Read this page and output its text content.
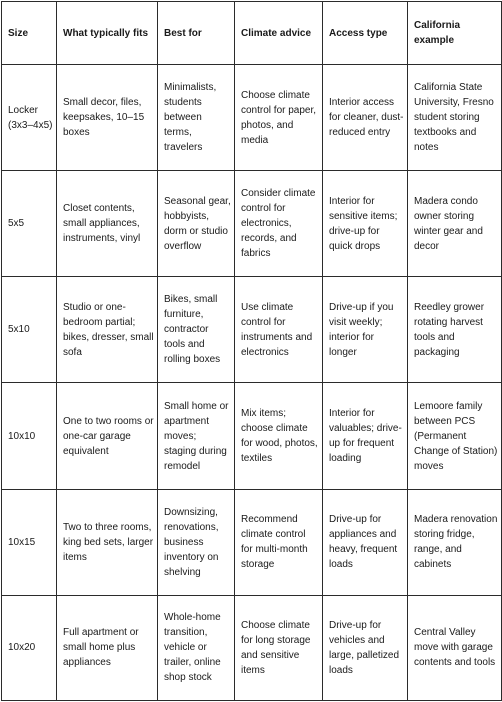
Size	What typically fits	Best for	Climate advice	Access type	California example
Locker (3x3–4x5)	Small decor, files, keepsakes, 10–15 boxes	Minimalists, students between terms, travelers	Choose climate control for paper, photos, and media	Interior access for cleaner, dust-reduced entry	California State University, Fresno student storing textbooks and notes
5x5	Closet contents, small appliances, instruments, vinyl	Seasonal gear, hobbyists, dorm or studio overflow	Consider climate control for electronics, records, and fabrics	Interior for sensitive items; drive-up for quick drops	Madera condo owner storing winter gear and decor
5x10	Studio or one-bedroom partial; bikes, dresser, small sofa	Bikes, small furniture, contractor tools and rolling boxes	Use climate control for instruments and electronics	Drive-up if you visit weekly; interior for longer	Reedley grower rotating harvest tools and packaging
10x10	One to two rooms or one-car garage equivalent	Small home or apartment moves; staging during remodel	Mix items; choose climate for wood, photos, textiles	Interior for valuables; drive-up for frequent loading	Lemoore family between PCS (Permanent Change of Station) moves
10x15	Two to three rooms, king bed sets, larger items	Downsizing, renovations, business inventory on shelving	Recommend climate control for multi-month storage	Drive-up for appliances and heavy, frequent loads	Madera renovation storing fridge, range, and cabinets
10x20	Full apartment or small home plus appliances	Whole-home transition, vehicle or trailer, online shop stock	Choose climate for long storage and sensitive items	Drive-up for vehicles and large, palletized loads	Central Valley move with garage contents and tools
